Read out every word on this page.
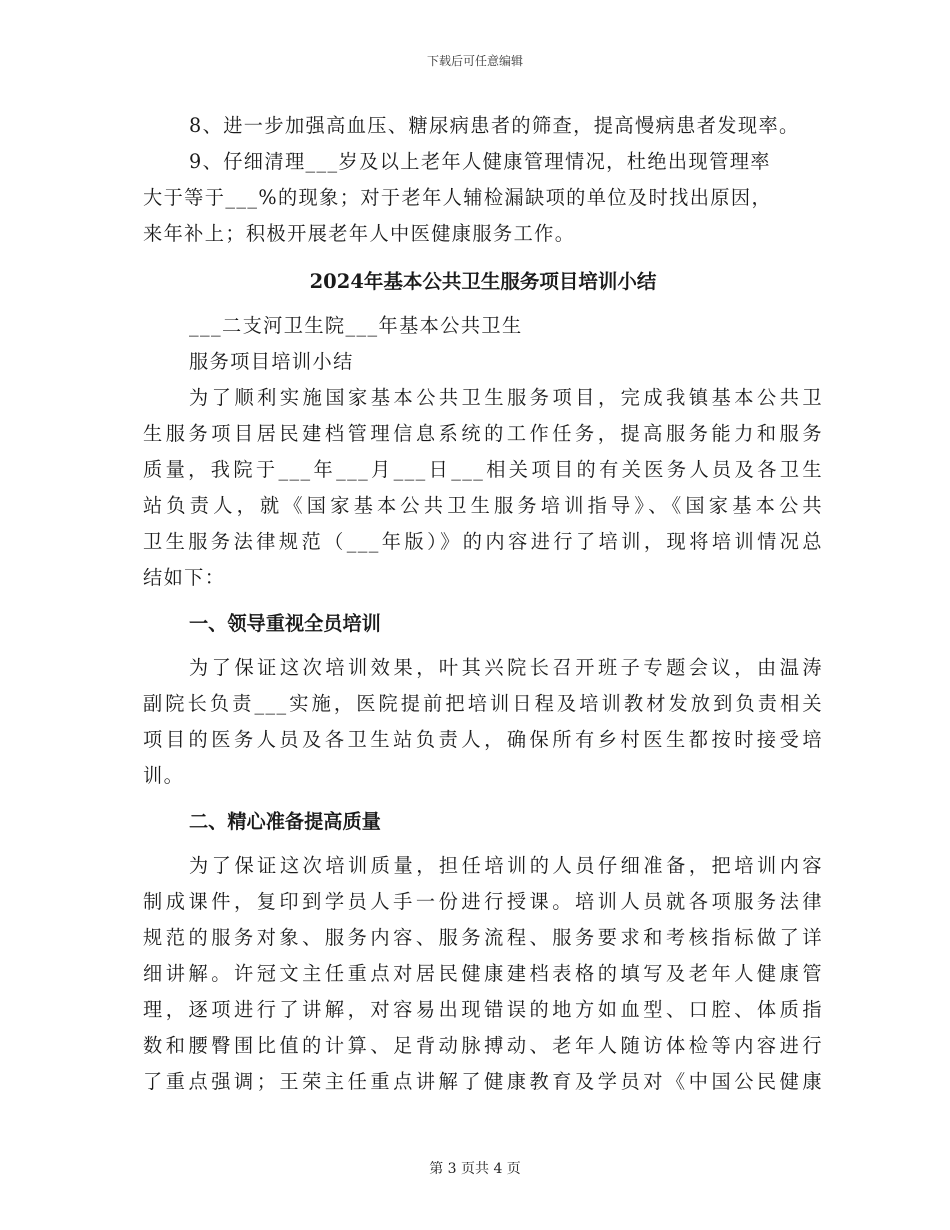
下载后可任意编辑
8、进一步加强高血压、糖尿病患者的筛查，提高慢病患者发现率。
9、仔细清理___岁及以上老年人健康管理情况，杜绝出现管理率
大于等于___%的现象；对于老年人辅检漏缺项的单位及时找出原因，
来年补上；积极开展老年人中医健康服务工作。
2024年基本公共卫生服务项目培训小结
___二支河卫生院___年基本公共卫生
服务项目培训小结
为了顺利实施国家基本公共卫生服务项目，完成我镇基本公共卫
生服务项目居民建档管理信息系统的工作任务，提高服务能力和服务
质量，我院于___年___月___日___相关项目的有关医务人员及各卫生
站负责人，就《国家基本公共卫生服务培训指导》、《国家基本公共
卫生服务法律规范（___年版）》的内容进行了培训，现将培训情况总
结如下：
一、领导重视全员培训
为了保证这次培训效果，叶其兴院长召开班子专题会议，由温涛
副院长负责___实施，医院提前把培训日程及培训教材发放到负责相关
项目的医务人员及各卫生站负责人，确保所有乡村医生都按时接受培
训。
二、精心准备提高质量
为了保证这次培训质量，担任培训的人员仔细准备，把培训内容
制成课件，复印到学员人手一份进行授课。培训人员就各项服务法律
规范的服务对象、服务内容、服务流程、服务要求和考核指标做了详
细讲解。许冠文主任重点对居民健康建档表格的填写及老年人健康管
理，逐项进行了讲解，对容易出现错误的地方如血型、口腔、体质指
数和腰臀围比值的计算、足背动脉搏动、老年人随访体检等内容进行
了重点强调；王荣主任重点讲解了健康教育及学员对《中国公民健康
第 3 页共 4 页
